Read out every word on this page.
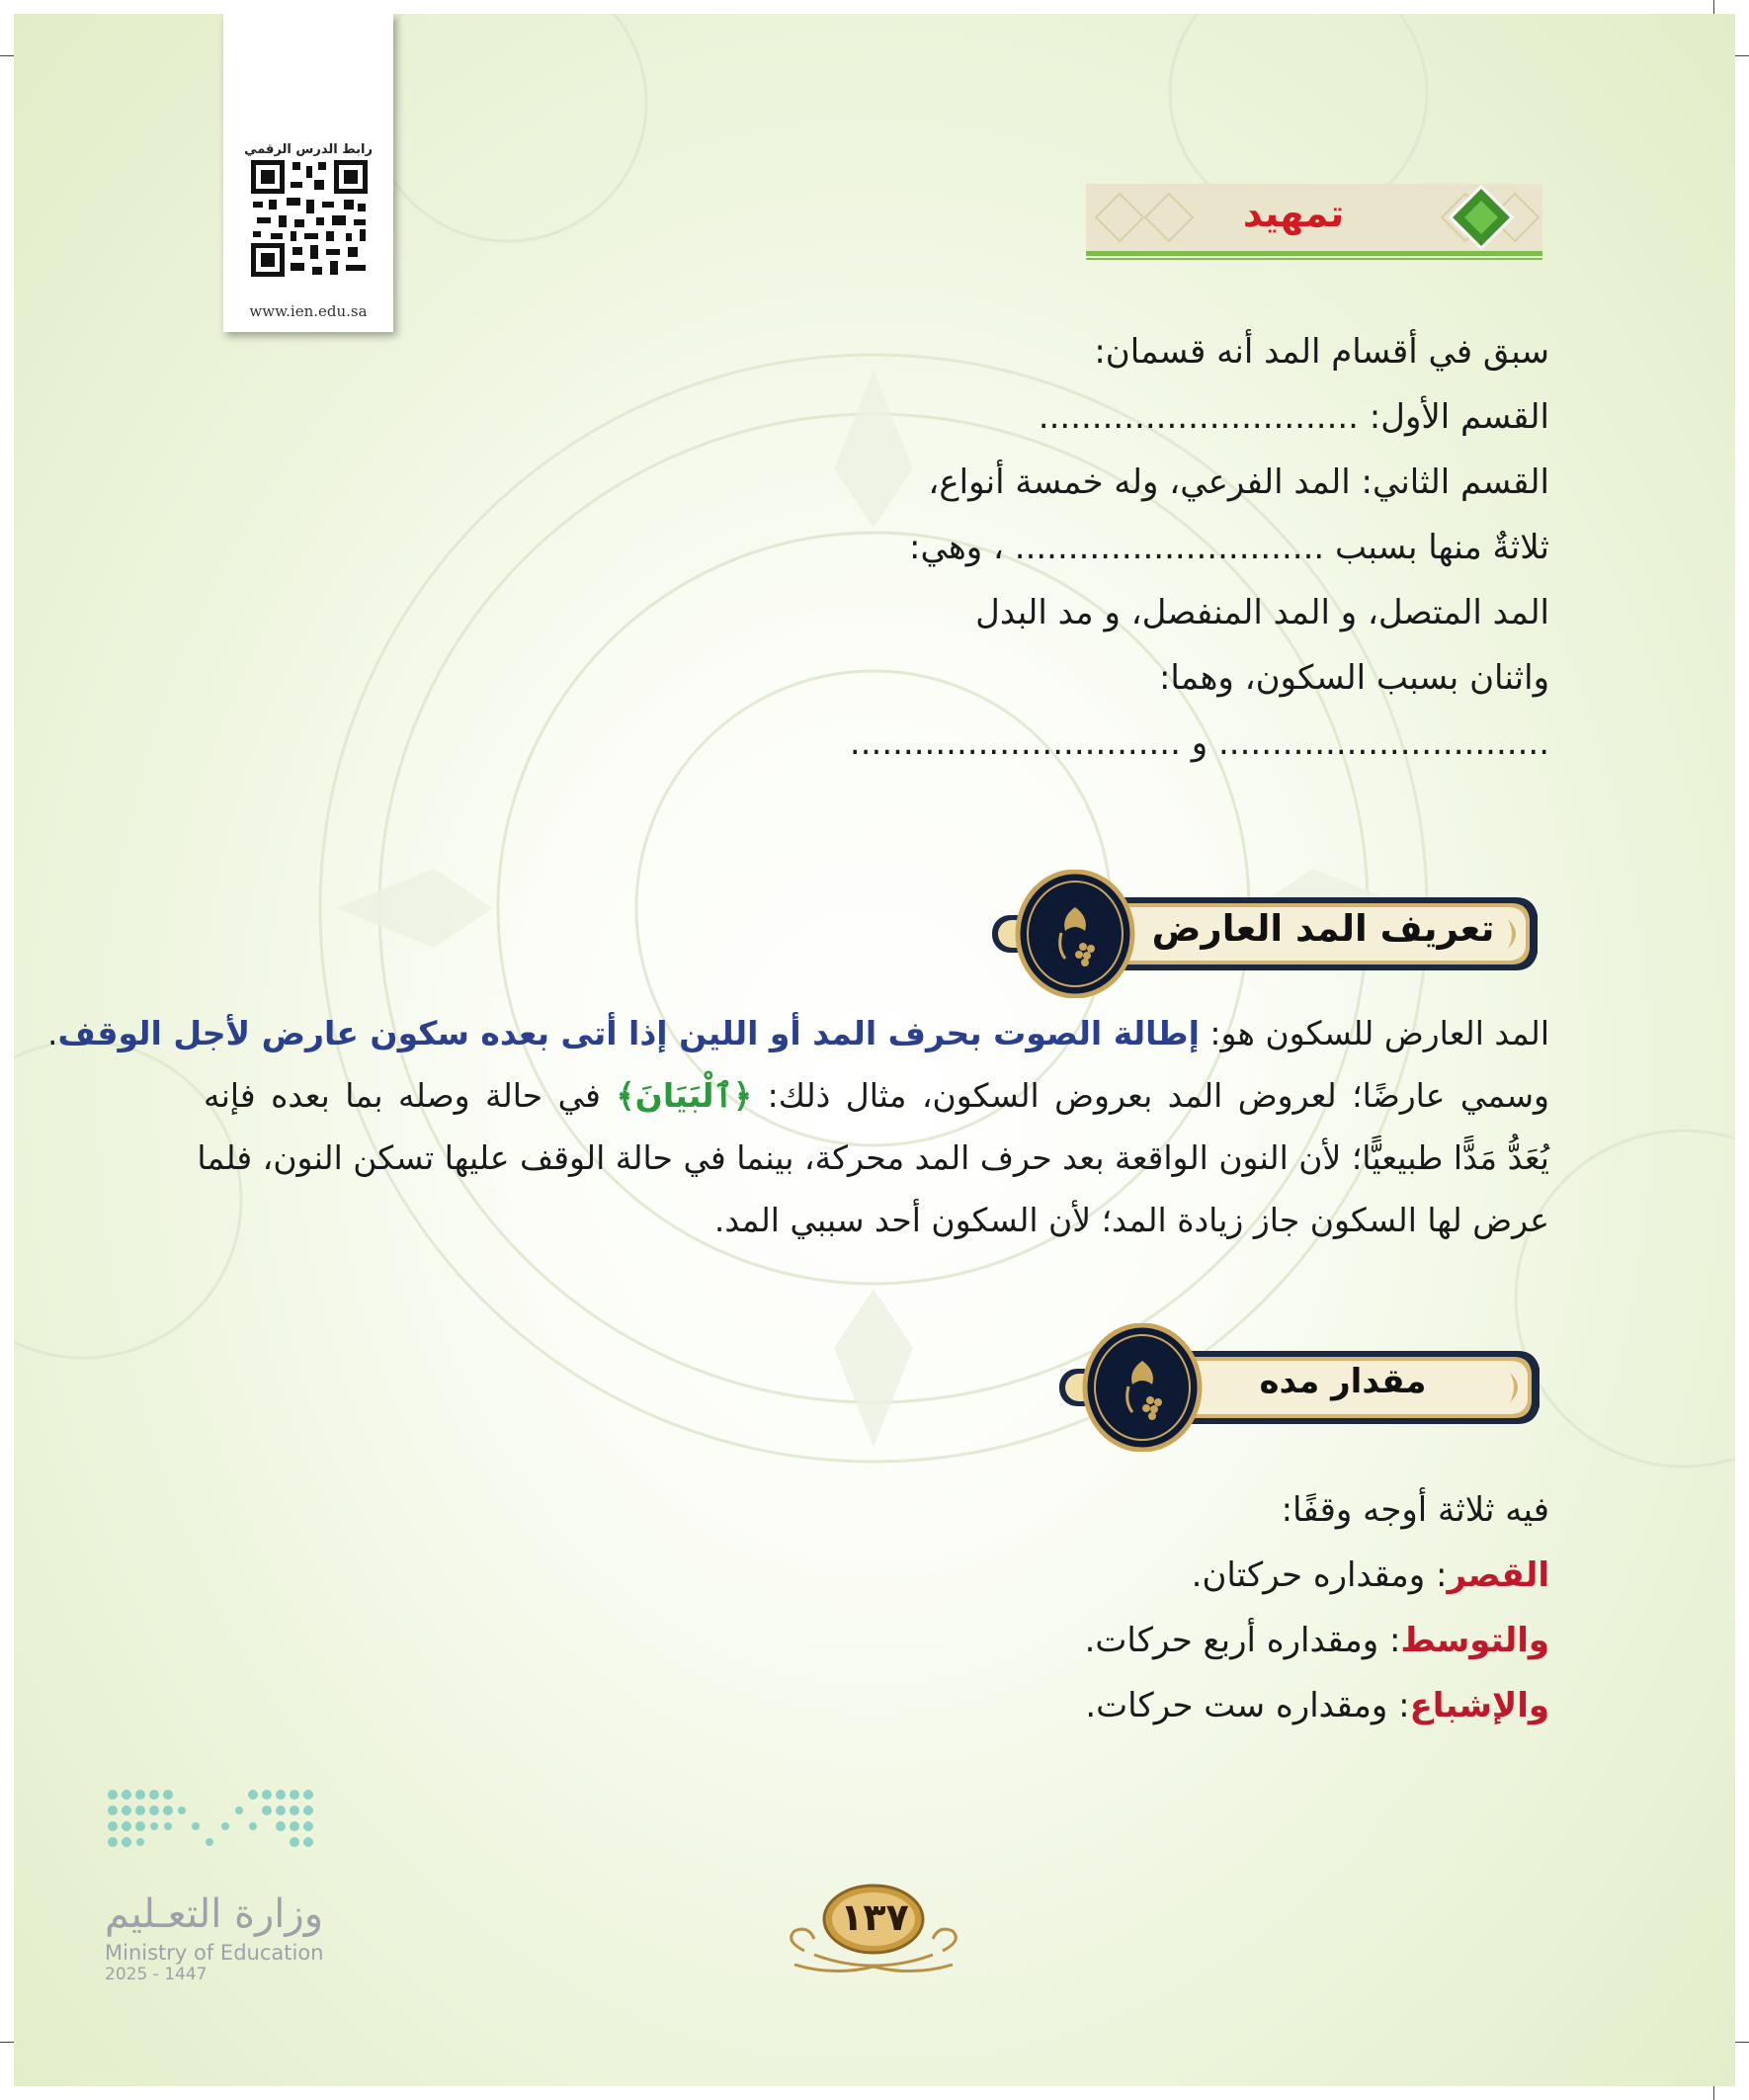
رابط الدرس الرقمي
www.ien.edu.sa
تمهيد
سبق في أقسام المد أنه قسمان:
القسم الأول: ..............................
القسم الثاني: المد الفرعي، وله خمسة أنواع،
ثلاثةٌ منها بسبب ............................. ، وهي:
المد المتصل، و المد المنفصل، و مد البدل
واثنان بسبب السكون، وهما:
............................... و ...............................
تعريف المد العارض
المد العارض للسكون هو: إطالة الصوت بحرف المد أو اللين إذا أتى بعده سكون عارض لأجل الوقف.
وسمي عارضًا؛ لعروض المد بعروض السكون، مثال ذلك: ﴿ٱلْبَيَانَ﴾ في حالة وصله بما بعده فإنه
يُعَدُّ مَدًّا طبيعيًّا؛ لأن النون الواقعة بعد حرف المد محركة، بينما في حالة الوقف عليها تسكن النون، فلما
عرض لها السكون جاز زيادة المد؛ لأن السكون أحد سببي المد.
مقدار مده
فيه ثلاثة أوجه وقفًا:
القصر: ومقداره حركتان.
والتوسط: ومقداره أربع حركات.
والإشباع: ومقداره ست حركات.
وزارة التعـليم
Ministry of Education
2025 - 1447
١٣٧
